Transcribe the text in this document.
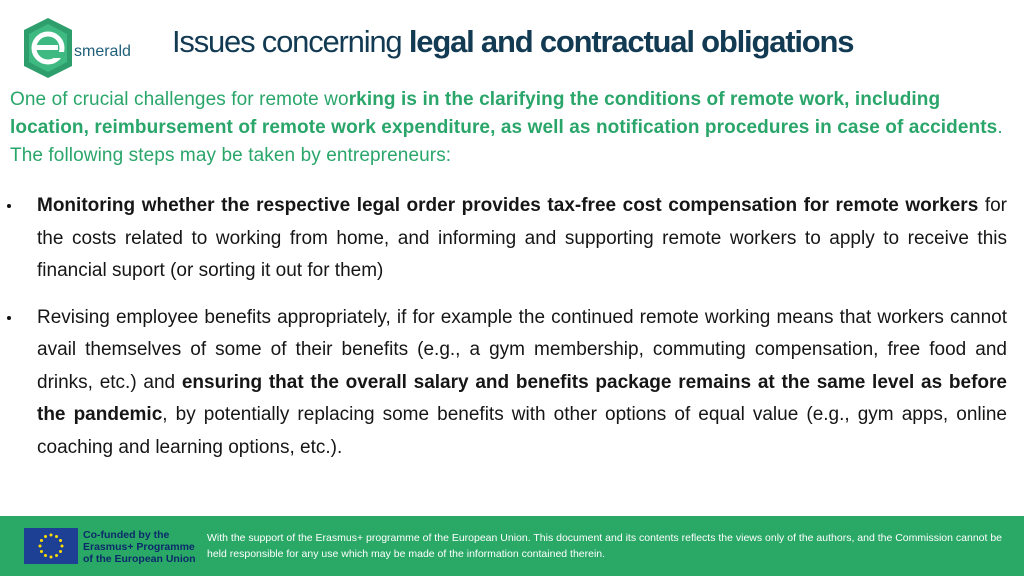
smerald Issues concerning legal and contractual obligations
One of crucial challenges for remote working is in the clarifying the conditions of remote work, including location, reimbursement of remote work expenditure, as well as notification procedures in case of accidents. The following steps may be taken by entrepreneurs:
Monitoring whether the respective legal order provides tax-free cost compensation for remote workers for the costs related to working from home, and informing and supporting remote workers to apply to receive this financial suport (or sorting it out for them)
Revising employee benefits appropriately, if for example the continued remote working means that workers cannot avail themselves of some of their benefits (e.g., a gym membership, commuting compensation, free food and drinks, etc.) and ensuring that the overall salary and benefits package remains at the same level as before the pandemic, by potentially replacing some benefits with other options of equal value (e.g., gym apps, online coaching and learning options, etc.).
Co-funded by the
Erasmus+ Programme
of the European Union
With the support of the Erasmus+ programme of the European Union. This document and its contents reflects the views only of the authors, and the Commission cannot be held responsible for any use which may be made of the information contained therein.
